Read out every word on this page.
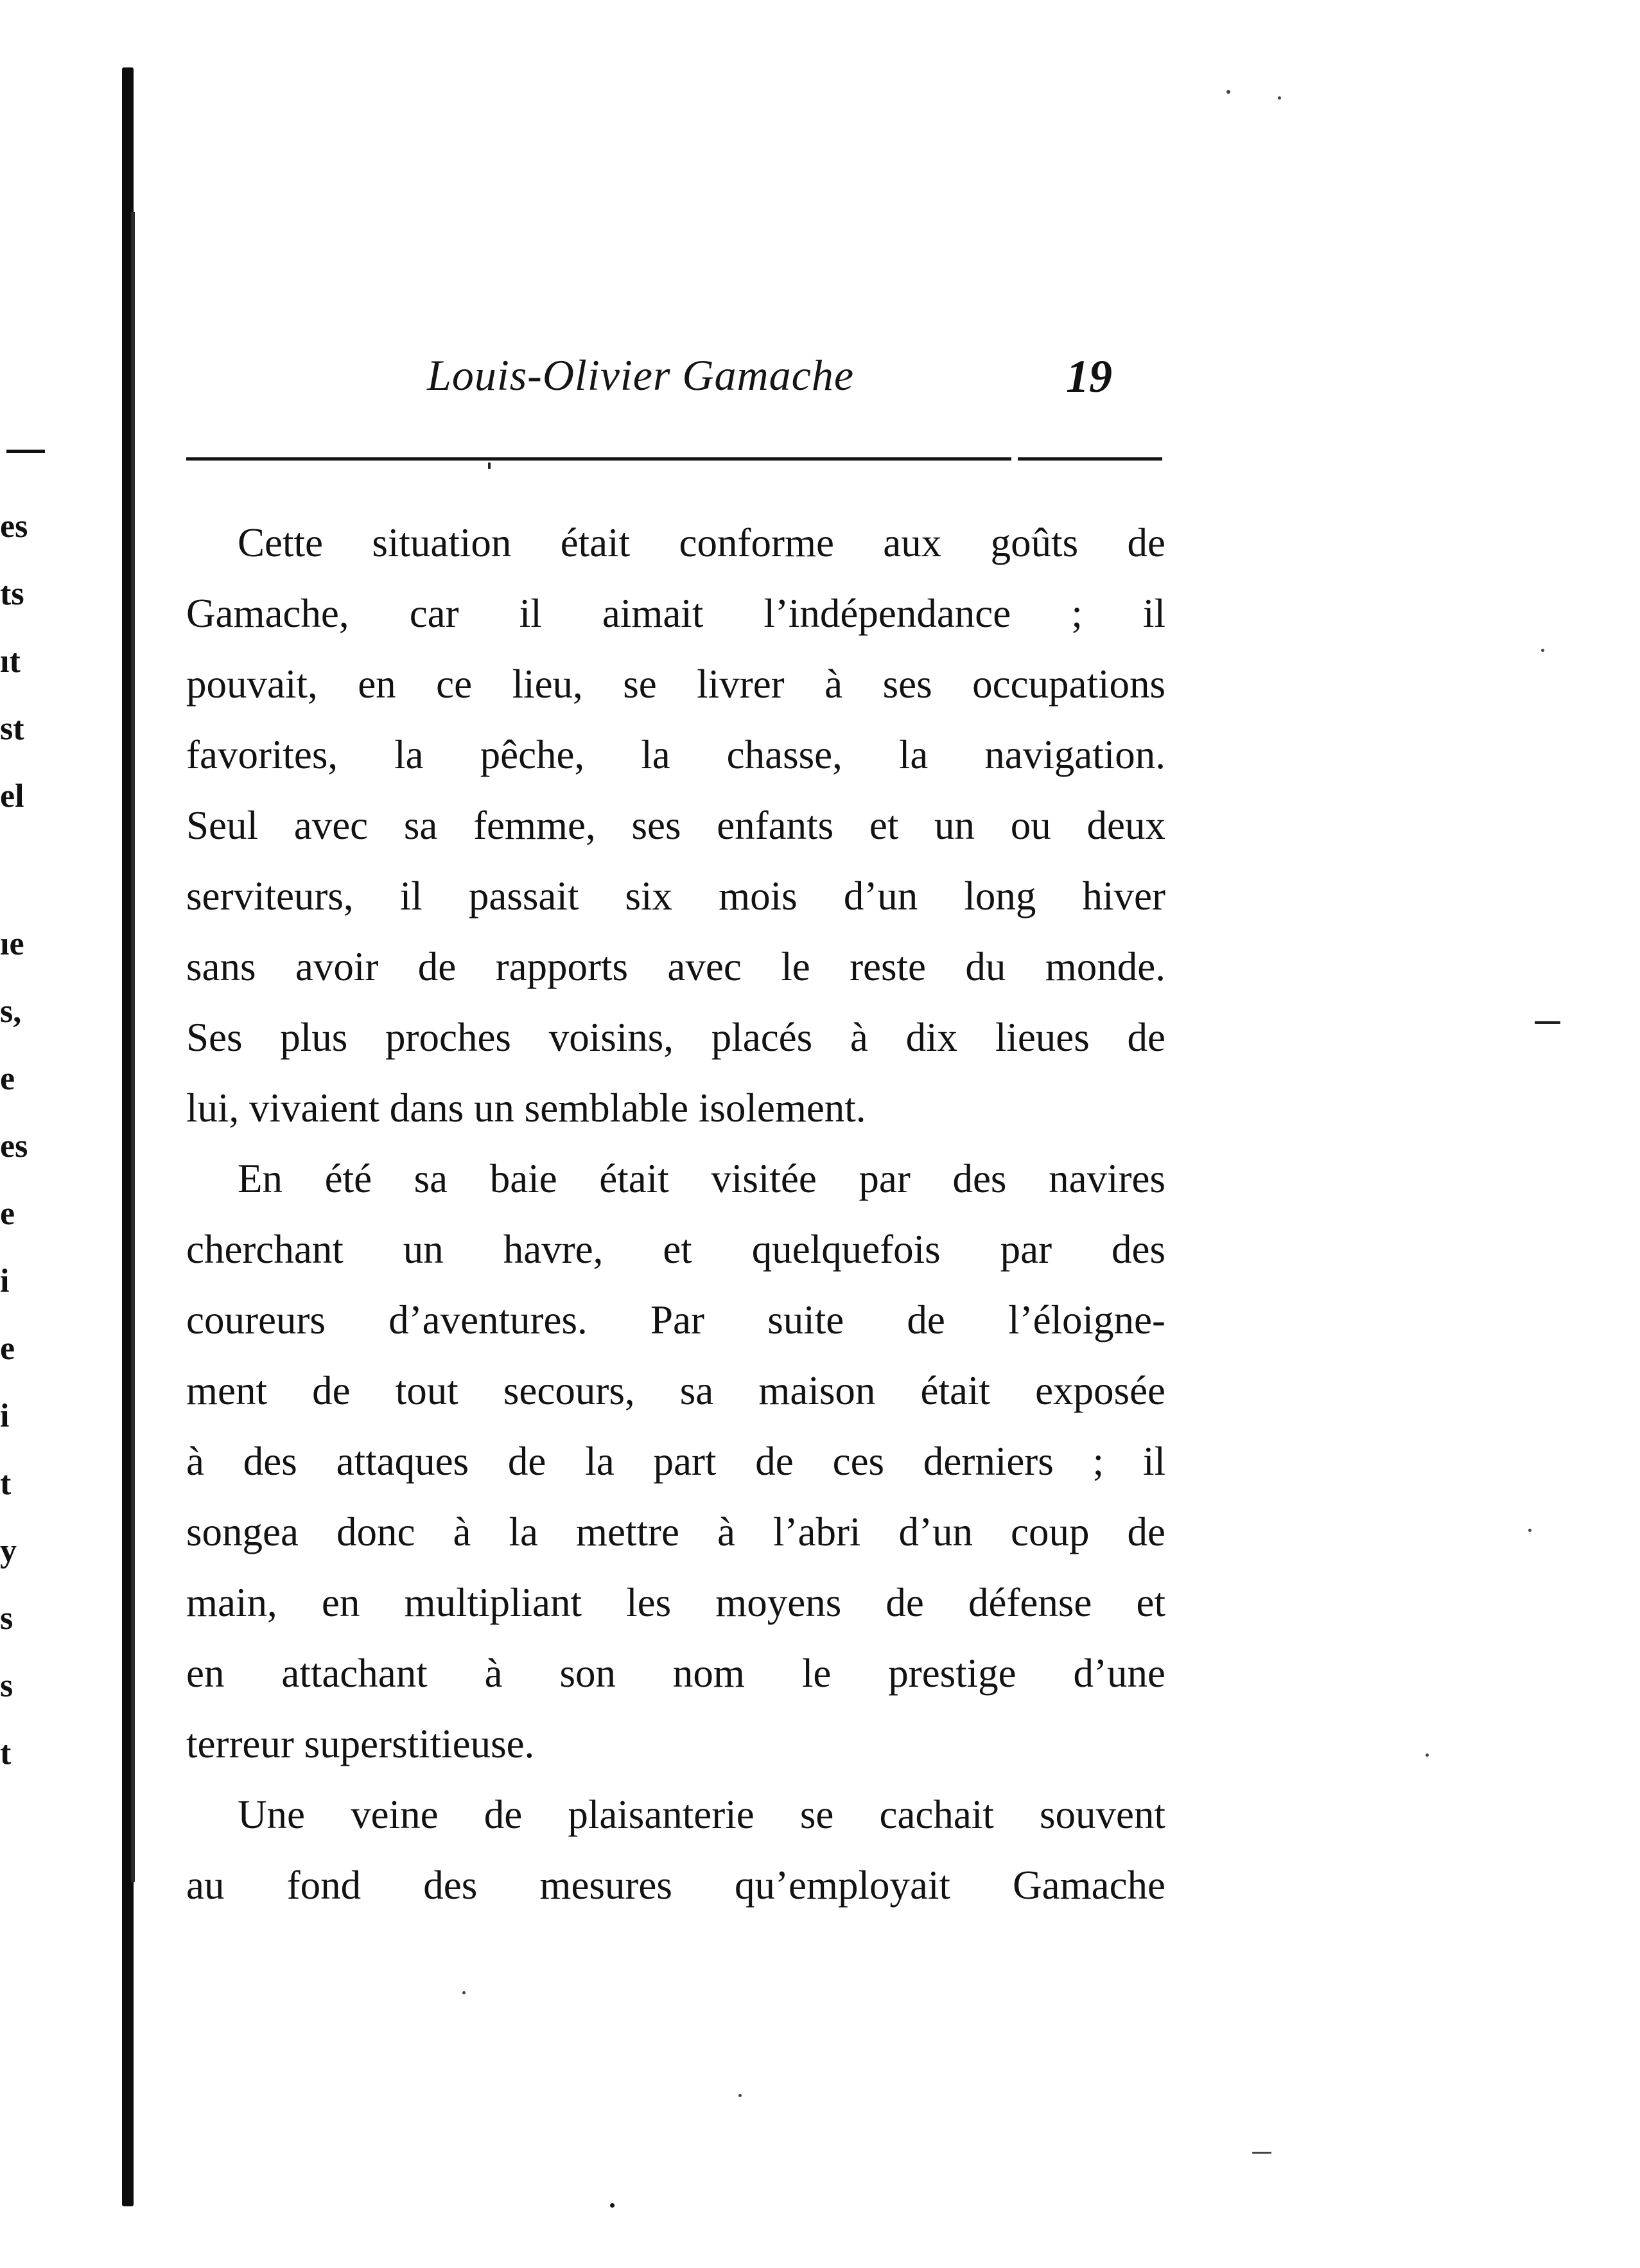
es
ts
ıt
st
el
ıe
s,
e
es
e
i
e
i
t
y
s
s
t
Louis-Olivier Gamache	19
Cette situation était conforme aux goûts de
Gamache, car il aimait l’indépendance ; il
pouvait, en ce lieu, se livrer à ses occupations
favorites, la pêche, la chasse, la navigation.
Seul avec sa femme, ses enfants et un ou deux
serviteurs, il passait six mois d’un long hiver
sans avoir de rapports avec le reste du monde.
Ses plus proches voisins, placés à dix lieues de
lui, vivaient dans un semblable isolement.
En été sa baie était visitée par des navires
cherchant un havre, et quelquefois par des
coureurs d’aventures. Par suite de l’éloigne-
ment de tout secours, sa maison était exposée
à des attaques de la part de ces derniers ; il
songea donc à la mettre à l’abri d’un coup de
main, en multipliant les moyens de défense et
en attachant à son nom le prestige d’une
terreur superstitieuse.
Une veine de plaisanterie se cachait souvent
au fond des mesures qu’employait Gamache
